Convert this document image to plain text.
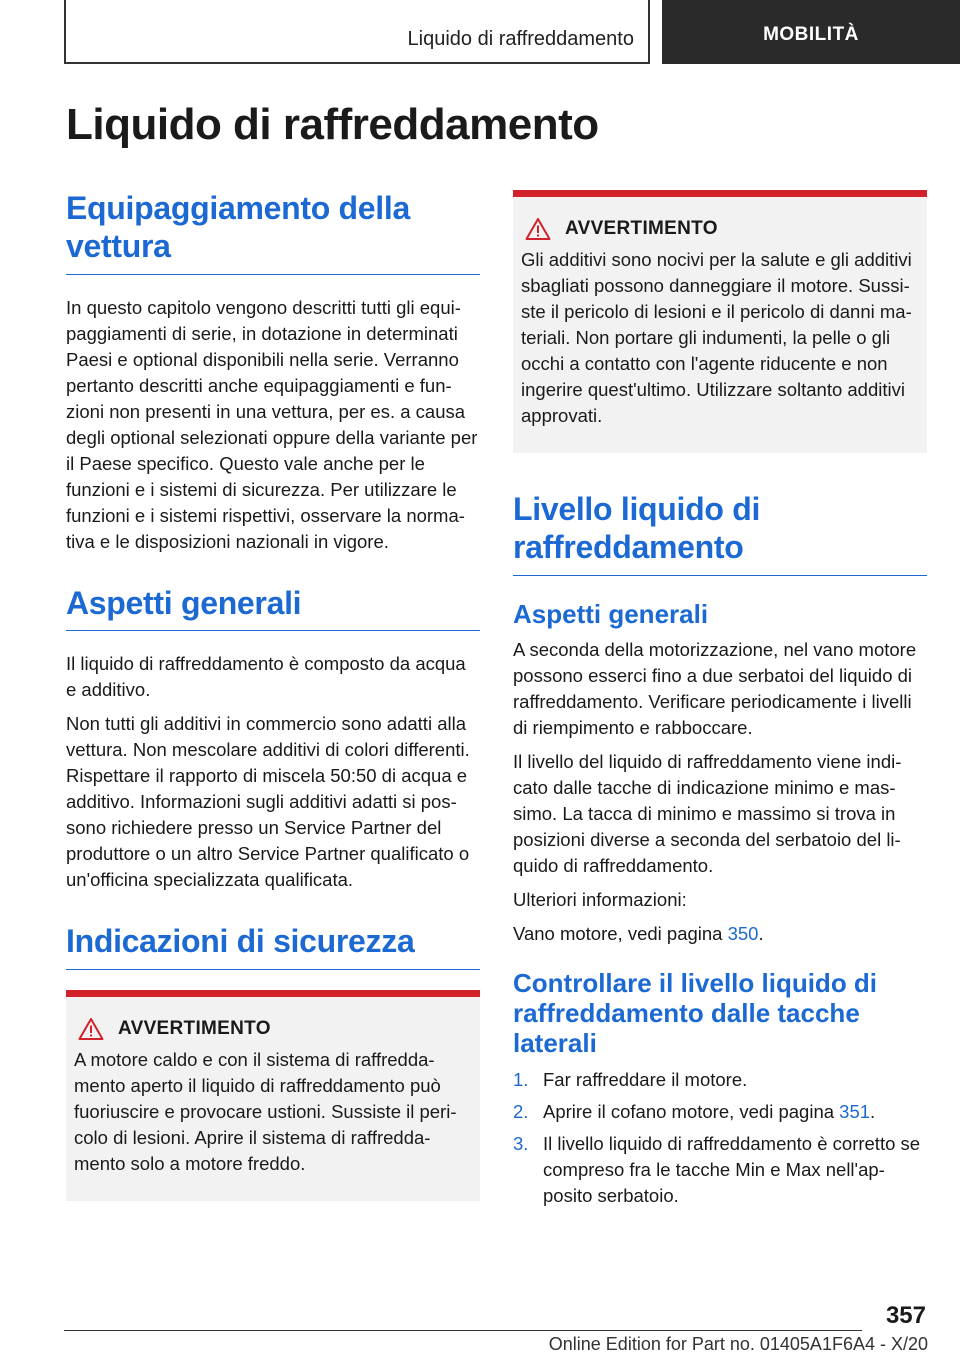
Liquido di raffreddamento	MOBILITÀ
Liquido di raffreddamento
Equipaggiamento della vettura

In questo capitolo vengono descritti tutti gli equi-paggiamenti di serie, in dotazione in determinati Paesi e optional disponibili nella serie. Verranno pertanto descritti anche equipaggiamenti e fun-zioni non presenti in una vettura, per es. a causa degli optional selezionati oppure della variante per il Paese specifico. Questo vale anche per le funzioni e i sistemi di sicurezza. Per utilizzare le funzioni e i sistemi rispettivi, osservare la norma-tiva e le disposizioni nazionali in vigore.

Aspetti generali

Il liquido di raffreddamento è composto da acqua e additivo.

Non tutti gli additivi in commercio sono adatti alla vettura. Non mescolare additivi di colori differenti. Rispettare il rapporto di miscela 50:50 di acqua e additivo. Informazioni sugli additivi adatti si pos-sono richiedere presso un Service Partner del produttore o un altro Service Partner qualificato o un'officina specializzata qualificata.

Indicazioni di sicurezza
AVVERTIMENTO

A motore caldo e con il sistema di raffredda-mento aperto il liquido di raffreddamento può fuoriuscire e provocare ustioni. Sussiste il peri-colo di lesioni. Aprire il sistema di raffredda-mento solo a motore freddo.

AVVERTIMENTO

Gli additivi sono nocivi per la salute e gli additivi sbagliati possono danneggiare il motore. Sussi-ste il pericolo di lesioni e il pericolo di danni ma-teriali. Non portare gli indumenti, la pelle o gli occhi a contatto con l'agente riducente e non ingerire quest'ultimo. Utilizzare soltanto additivi approvati.

Livello liquido di raffreddamento
Aspetti generali

A seconda della motorizzazione, nel vano motore possono esserci fino a due serbatoi del liquido di raffreddamento. Verificare periodicamente i livelli di riempimento e rabboccare.

Il livello del liquido di raffreddamento viene indi-cato dalle tacche di indicazione minimo e mas-simo. La tacca di minimo e massimo si trova in posizioni diverse a seconda del serbatoio del li-quido di raffreddamento.

Ulteriori informazioni:

Vano motore, vedi pagina 350.

Controllare il livello liquido di raffreddamento dalle tacche laterali
1. Far raffreddare il motore.
2. Aprire il cofano motore, vedi pagina 351.
3. Il livello liquido di raffreddamento è corretto se compreso fra le tacche Min e Max nell'ap-posito serbatoio.
357
Online Edition for Part no. 01405A1F6A4 - X/20
